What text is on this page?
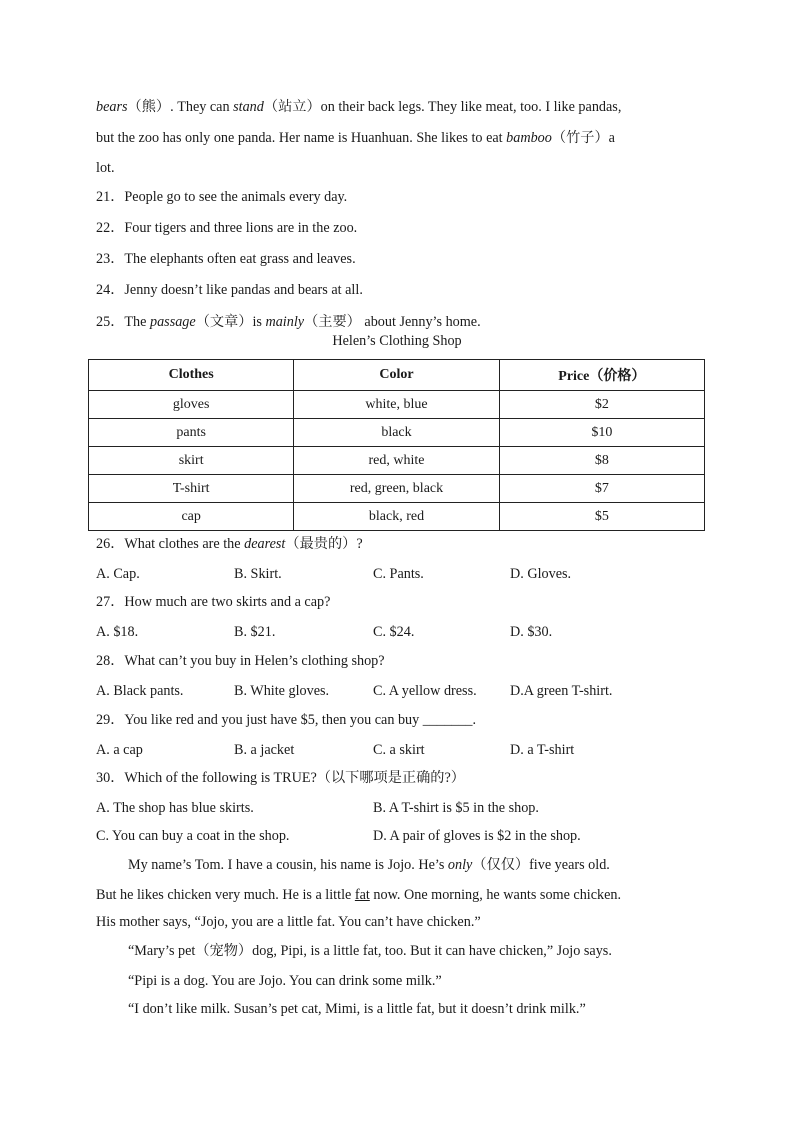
bears（熊）. They can stand（站立）on their back legs. They like meat, too. I like pandas,
but the zoo has only one panda. Her name is Huanhuan. She likes to eat bamboo（竹子）a
lot.
21．People go to see the animals every day.
22．Four tigers and three lions are in the zoo.
23．The elephants often eat grass and leaves.
24．Jenny doesn’t like pandas and bears at all.
25．The passage（文章）is mainly（主要） about Jenny’s home.
Helen’s Clothing Shop
Clothes	Color	Price（价格）
gloves	white, blue	$2
pants	black	$10
skirt	red, white	$8
T-shirt	red, green, black	$7
cap	black, red	$5
26．What clothes are the dearest（最贵的）?
A. Cap.	B. Skirt.	C. Pants.	D. Gloves.
27．How much are two skirts and a cap?
A. $18.	B. $21.	C. $24.	D. $30.
28．What can’t you buy in Helen’s clothing shop?
A. Black pants.	B. White gloves.	C. A yellow dress. D.A green T-shirt.
29．You like red and you just have $5, then you can buy _______.
A. a cap	B. a jacket	C. a skirt	D. a T-shirt
30．Which of the following is TRUE?（以下哪项是正确的?）
A. The shop has blue skirts.	B. A T-shirt is $5 in the shop.
C. You can buy a coat in the shop.	D. A pair of gloves is $2 in the shop.
My name’s Tom. I have a cousin, his name is Jojo. He’s only（仅仅）five years old.
But he likes chicken very much. He is a little fat now. One morning, he wants some chicken.
His mother says, “Jojo, you are a little fat. You can’t have chicken.”
“Mary’s pet（宠物）dog, Pipi, is a little fat, too. But it can have chicken,” Jojo says.
“Pipi is a dog. You are Jojo. You can drink some milk.”
“I don’t like milk. Susan’s pet cat, Mimi, is a little fat, but it doesn’t drink milk.”
